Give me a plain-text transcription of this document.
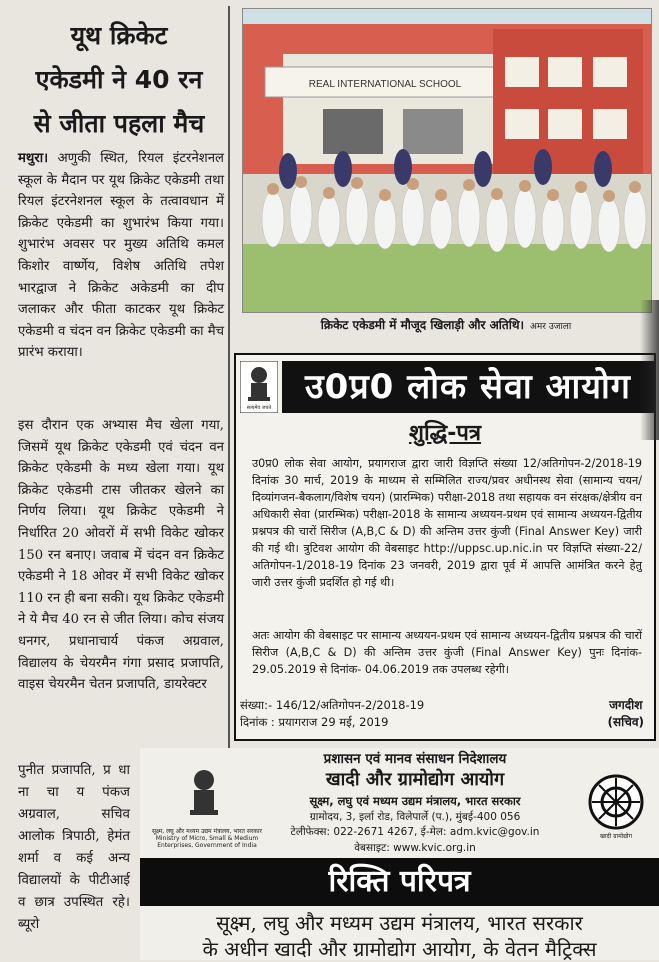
यूथ क्रिकेट
एकेडमी ने 40 रन
से जीता पहला मैच
मथुरा। अणुकी स्थित, रियल इंटरनेशनल स्कूल के मैदान पर यूथ क्रिकेट एकेडमी तथा रियल इंटरनेशनल स्कूल के तत्वावधान में क्रिकेट एकेडमी का शुभारंभ किया गया। शुभारंभ अवसर पर मुख्य अतिथि कमल किशोर वार्ष्णेय, विशेष अतिथि तपेश भारद्वाज ने क्रिकेट अकेडमी का दीप जलाकर और फीता काटकर यूथ क्रिकेट एकेडमी व चंदन वन क्रिकेट एकेडमी का मैच प्रारंभ कराया।
इस दौरान एक अभ्यास मैच खेला गया, जिसमें यूथ क्रिकेट एकेडमी एवं चंदन वन क्रिकेट एकेडमी के मध्य खेला गया। यूथ क्रिकेट एकेडमी टास जीतकर खेलने का निर्णय लिया। यूथ क्रिकेट एकेडमी ने निर्धारित 20 ओवरों में सभी विकेट खोकर 150 रन बनाए। जवाब में चंदन वन क्रिकेट एकेडमी ने 18 ओवर में सभी विकेट खोकर 110 रन ही बना सकी। यूथ क्रिकेट एकेडमी ने ये मैच 40 रन से जीत लिया। कोच संजय धनगर, प्रधानाचार्य पंकज अग्रवाल, विद्यालय के चेयरमैन गंगा प्रसाद प्रजापति, वाइस चेयरमैन चेतन प्रजापति, डायरेक्टर
पुनीत प्रजापति, प्र धा ना चा य पंकज अग्रवाल, सचिव आलोक त्रिपाठी, हेमंत शर्मा व कई अन्य विद्यालयों के पीटीआई व छात्र उपस्थित रहे। ब्यूरो
REAL INTERNATIONAL SCHOOL
क्रिकेट एकेडमी में मौजूद खिलाड़ी और अतिथि। अमर उजाला
सत्यमेव जयते
उ0प्र0 लोक सेवा आयोग
शुद्धि-पत्र
उ0प्र0 लोक सेवा आयोग, प्रयागराज द्वारा जारी विज्ञप्ति संख्या 12/अतिगोपन-2/2018-19 दिनांक 30 मार्च, 2019 के माध्यम से सम्मिलित राज्य/प्रवर अधीनस्थ सेवा (सामान्य चयन/दिव्यांगजन-बैकलाग/विशेष चयन) (प्रारम्भिक) परीक्षा-2018 तथा सहायक वन संरक्षक/क्षेत्रीय वन अधिकारी सेवा (प्रारम्भिक) परीक्षा-2018 के सामान्य अध्ययन-प्रथम एवं सामान्य अध्ययन-द्वितीय प्रश्नपत्र की चारों सिरीज (A,B,C & D) की अन्तिम उत्तर कुंजी (Final Answer Key) जारी की गई थी। त्रुटिवश आयोग की वेबसाइट http://uppsc.up.nic.in पर विज्ञप्ति संख्या-22/अतिगोपन-1/2018-19 दिनांक 23 जनवरी, 2019 द्वारा पूर्व में आपत्ति आमंत्रित करने हेतु जारी उत्तर कुंजी प्रदर्शित हो गई थी।
अतः आयोग की वेबसाइट पर सामान्य अध्ययन-प्रथम एवं सामान्य अध्ययन-द्वितीय प्रश्नपत्र की चारों सिरीज (A,B,C & D) की अन्तिम उत्तर कुंजी (Final Answer Key) पुनः दिनांक- 29.05.2019 से दिनांक- 04.06.2019 तक उपलब्ध रहेगी।
संख्या:- 146/12/अतिगोपन-2/2018-19
दिनांक : प्रयागराज 29 मई, 2019
जगदीश
(सचिव)
सूक्ष्म, लघु और मध्यम उद्यम मंत्रालय, भारत सरकार Ministry of Micro, Small & Medium Enterprises, Government of India
खादी ग्रामोद्योग
प्रशासन एवं मानव संसाधन निदेशालय
खादी और ग्रामोद्योग आयोग
सूक्ष्म, लघु एवं मध्यम उद्यम मंत्रालय, भारत सरकार
ग्रामोदय, 3, इर्ला रोड, विलेपार्ले (प.), मुंबई-400 056
टेलीफेक्स: 022-2671 4267, ई-मेल: adm.kvic@gov.in
वेबसाइट: www.kvic.org.in
रिक्ति परिपत्र
सूक्ष्म, लघु और मध्यम उद्यम मंत्रालय, भारत सरकार
के अधीन खादी और ग्रामोद्योग आयोग, के वेतन मैट्रिक्स
